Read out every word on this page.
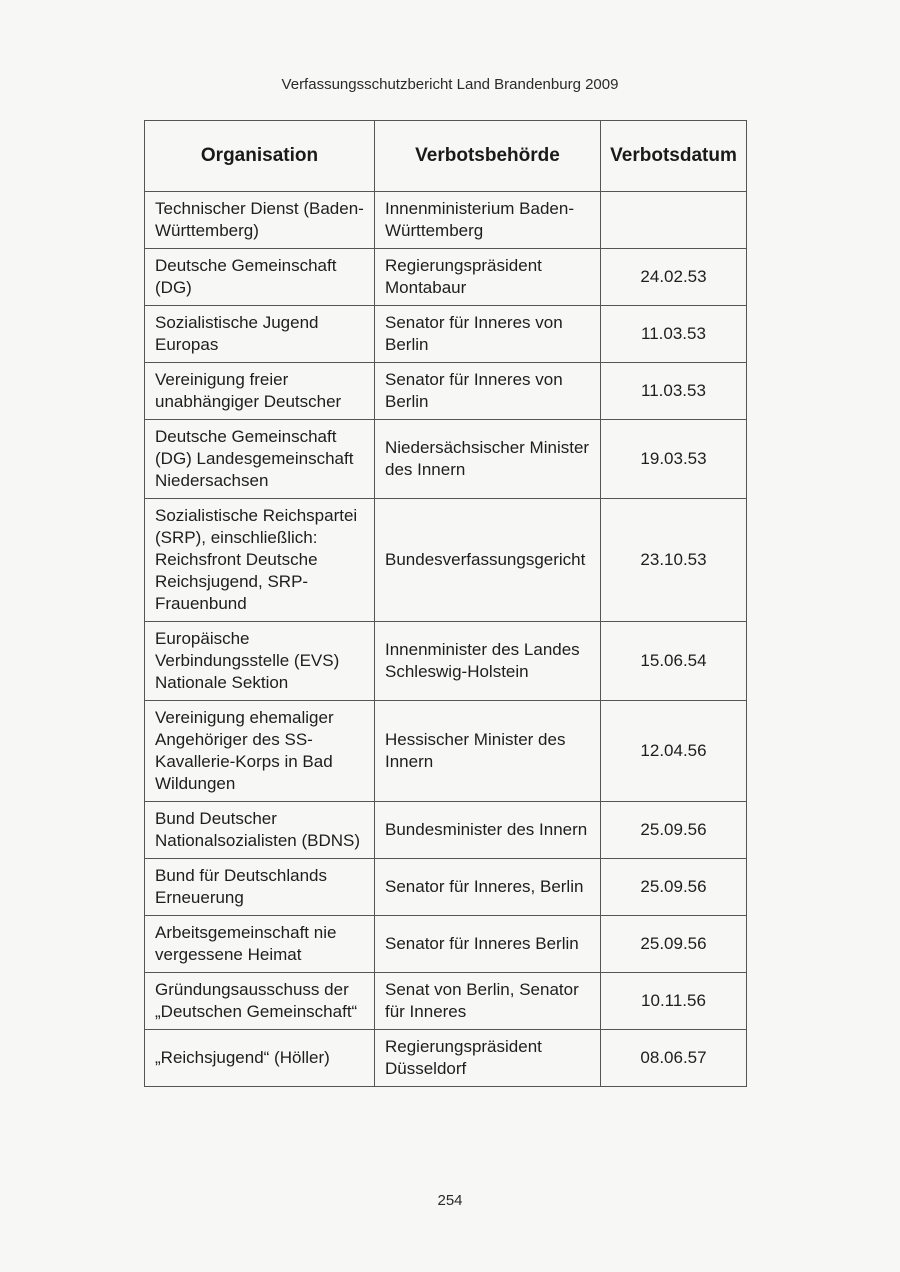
Verfassungsschutzbericht Land Brandenburg 2009
Organisation	Verbotsbehörde	Verbotsdatum
Technischer Dienst (Baden-Württemberg)	Innenministerium Baden-Württemberg	
Deutsche Gemeinschaft (DG)	Regierungspräsident Montabaur	24.02.53
Sozialistische Jugend Europas	Senator für Inneres von Berlin	11.03.53
Vereinigung freier unabhängiger Deutscher	Senator für Inneres von Berlin	11.03.53
Deutsche Gemeinschaft (DG) Landesgemeinschaft Niedersachsen	Niedersächsischer Minister des Innern	19.03.53
Sozialistische Reichspartei (SRP), einschließlich: Reichsfront Deutsche Reichsjugend, SRP-Frauenbund	Bundesverfassungsgericht	23.10.53
Europäische Verbindungsstelle (EVS) Nationale Sektion	Innenminister des Landes Schleswig-Holstein	15.06.54
Vereinigung ehemaliger Angehöriger des SS-Kavallerie-Korps in Bad Wildungen	Hessischer Minister des Innern	12.04.56
Bund Deutscher Nationalsozialisten (BDNS)	Bundesminister des Innern	25.09.56
Bund für Deutschlands Erneuerung	Senator für Inneres, Berlin	25.09.56
Arbeitsgemeinschaft nie vergessene Heimat	Senator für Inneres Berlin	25.09.56
Gründungsausschuss der „Deutschen Gemeinschaft“	Senat von Berlin, Senator für Inneres	10.11.56
„Reichsjugend“ (Höller)	Regierungspräsident Düsseldorf	08.06.57
254
